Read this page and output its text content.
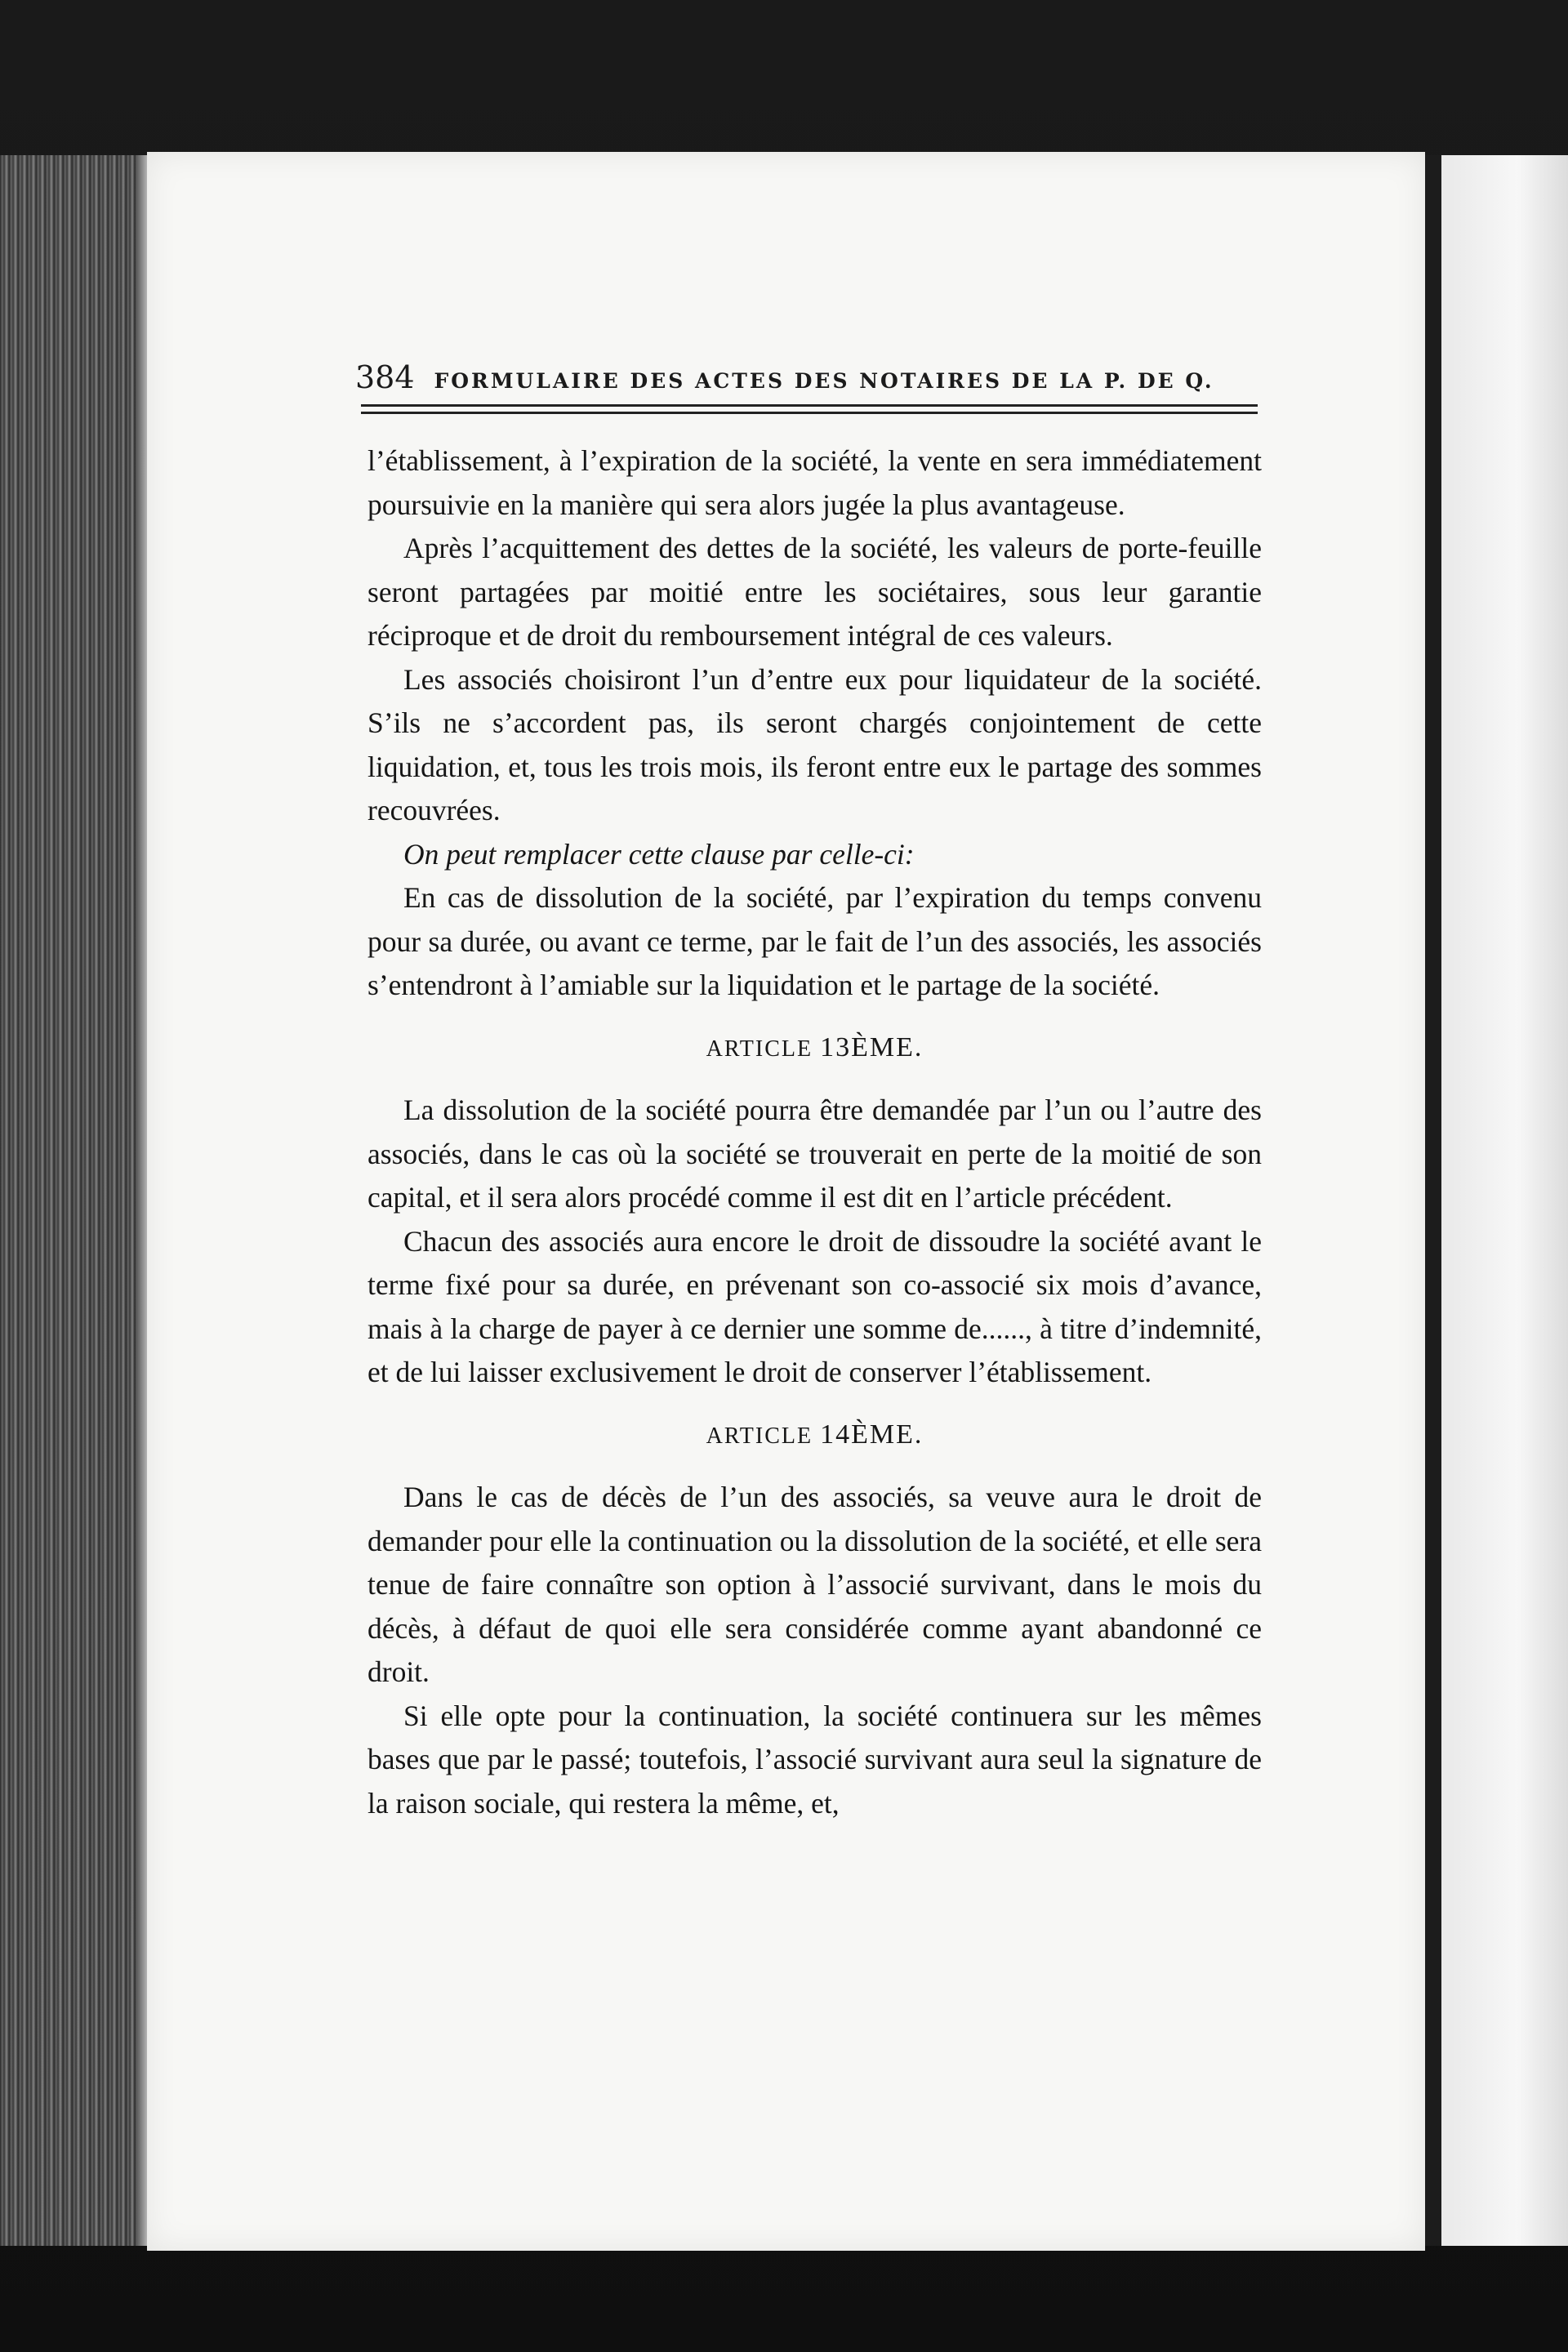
384 FORMULAIRE DES ACTES DES NOTAIRES DE LA P. DE Q.

l’établissement, à l’expiration de la société, la vente en sera immédiatement poursuivie en la manière qui sera alors jugée la plus avantageuse.

Après l’acquittement des dettes de la société, les valeurs de porte-feuille seront partagées par moitié entre les sociétaires, sous leur garantie réciproque et de droit du remboursement intégral de ces valeurs.

Les associés choisiront l’un d’entre eux pour liquidateur de la société. S’ils ne s’accordent pas, ils seront chargés conjointement de cette liquidation, et, tous les trois mois, ils feront entre eux le partage des sommes recouvrées.

On peut remplacer cette clause par celle-ci:

En cas de dissolution de la société, par l’expiration du temps convenu pour sa durée, ou avant ce terme, par le fait de l’un des associés, les associés s’entendront à l’amiable sur la liquidation et le partage de la société.

ARTICLE 13ÈME.

La dissolution de la société pourra être demandée par l’un ou l’autre des associés, dans le cas où la société se trouverait en perte de la moitié de son capital, et il sera alors procédé comme il est dit en l’article précédent.

Chacun des associés aura encore le droit de dissoudre la société avant le terme fixé pour sa durée, en prévenant son co-associé six mois d’avance, mais à la charge de payer à ce dernier une somme de......, à titre d’indemnité, et de lui laisser exclusivement le droit de conserver l’établissement.

ARTICLE 14ÈME.

Dans le cas de décès de l’un des associés, sa veuve aura le droit de demander pour elle la continuation ou la dissolution de la société, et elle sera tenue de faire connaître son option à l’associé survivant, dans le mois du décès, à défaut de quoi elle sera considérée comme ayant abandonné ce droit.

Si elle opte pour la continuation, la société continuera sur les mêmes bases que par le passé; toutefois, l’associé survivant aura seul la signature de la raison sociale, qui restera la même, et,
